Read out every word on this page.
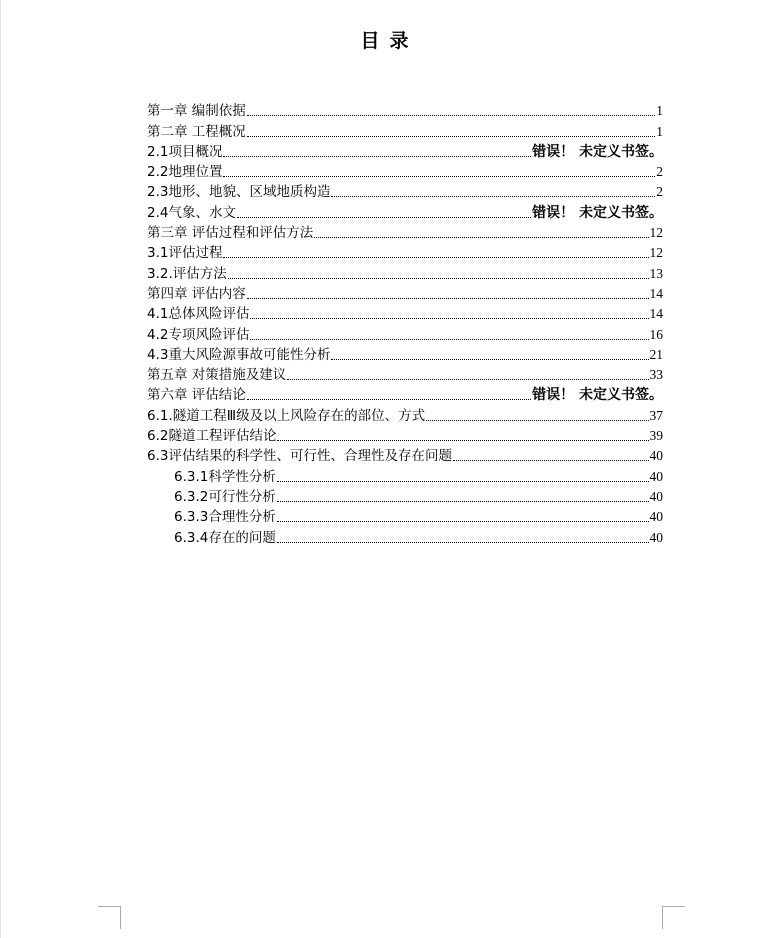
目录
第一章 编制依据	1
第二章 工程概况	1
2.1项目概况	错误！ 未定义书签。
2.2地理位置	2
2.3地形、地貌、区域地质构造	2
2.4气象、水文	错误！ 未定义书签。
第三章 评估过程和评估方法	12
3.1评估过程	12
3.2.评估方法	13
第四章 评估内容	14
4.1总体风险评估	14
4.2专项风险评估	16
4.3重大风险源事故可能性分析	21
第五章 对策措施及建议	33
第六章 评估结论	错误！ 未定义书签。
6.1.隧道工程Ⅲ级及以上风险存在的部位、方式	37
6.2隧道工程评估结论	39
6.3评估结果的科学性、可行性、合理性及存在问题	40
6.3.1科学性分析	40
6.3.2可行性分析	40
6.3.3合理性分析	40
6.3.4存在的问题	40
